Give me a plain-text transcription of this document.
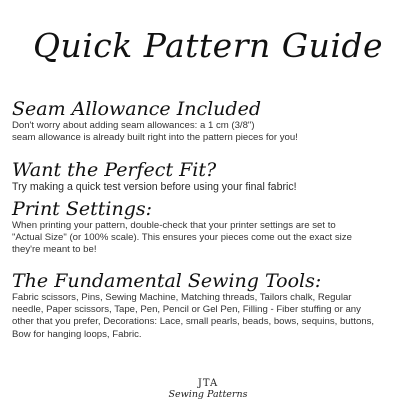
Quick Pattern Guide

Seam Allowance Included

Don't worry about adding seam allowances: a 1 cm (3/8")
seam allowance is already built right into the pattern pieces for you!

Want the Perfect Fit?

Try making a quick test version before using your final fabric!

Print Settings:

When printing your pattern, double-check that your printer settings are set to
"Actual Size" (or 100% scale). This ensures your pieces come out the exact size
they're meant to be!

The Fundamental Sewing Tools:

Fabric scissors, Pins, Sewing Machine, Matching threads, Tailors chalk, Regular
needle, Paper scissors, Tape, Pen, Pencil or Gel Pen, Filling - Fiber stuffing or any
other that you prefer, Decorations: Lace, small pearls, beads, bows, sequins, buttons,
Bow for hanging loops, Fabric.

JTA
Sewing Patterns
